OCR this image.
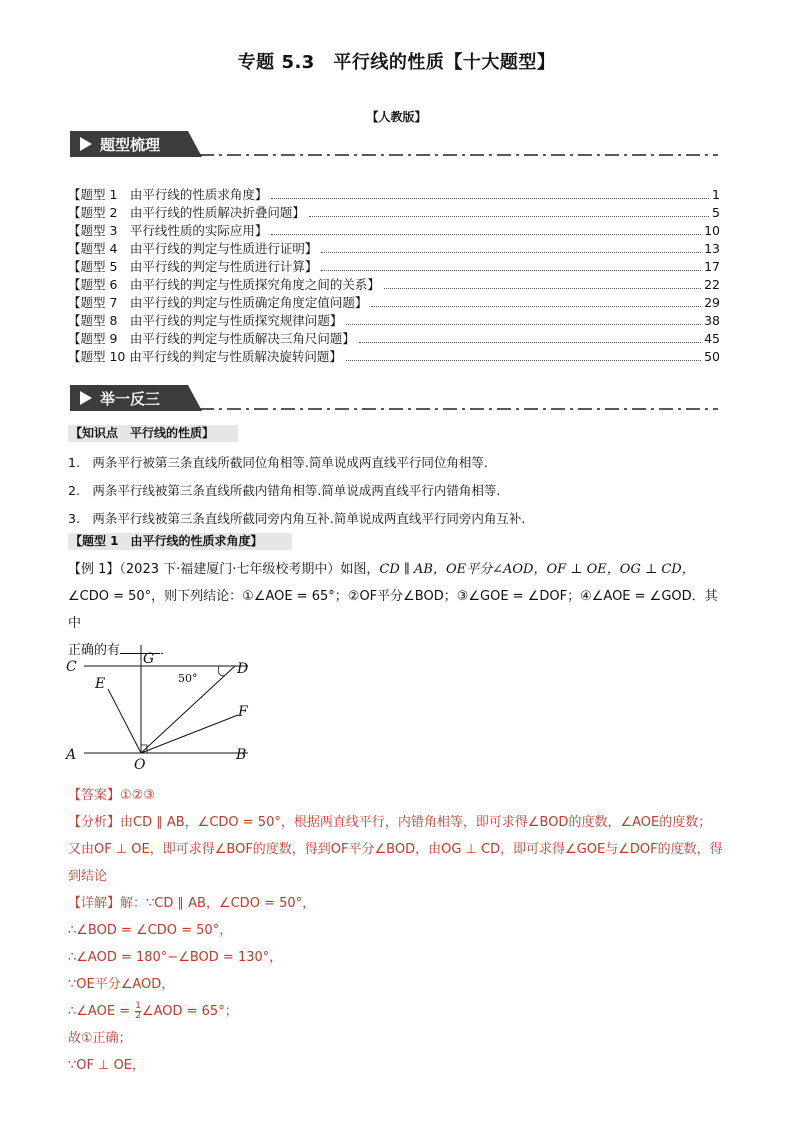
专题 5.3　平行线的性质【十大题型】
【人教版】
题型梳理
【题型 1　由平行线的性质求角度】	1
【题型 2　由平行线的性质解决折叠问题】	5
【题型 3　平行线性质的实际应用】	10
【题型 4　由平行线的判定与性质进行证明】	13
【题型 5　由平行线的判定与性质进行计算】	17
【题型 6　由平行线的判定与性质探究角度之间的关系】	22
【题型 7　由平行线的判定与性质确定角度定值问题】	29
【题型 8　由平行线的判定与性质探究规律问题】	38
【题型 9　由平行线的判定与性质解决三角尺问题】	45
【题型 10 由平行线的判定与性质解决旋转问题】	50
举一反三
【知识点　平行线的性质】
1.　两条平行被第三条直线所截同位角相等.简单说成两直线平行同位角相等.
2.　两条平行线被第三条直线所截内错角相等.简单说成两直线平行内错角相等.
3.　两条平行线被第三条直线所截同旁内角互补.简单说成两直线平行同旁内角互补.
【题型 1　由平行线的性质求角度】
【例 1】（2023 下·福建厦门·七年级校考期中）如图，CD ∥ AB，OE平分∠AOD，OF ⊥ OE，OG ⊥ CD，
∠CDO = 50°，则下列结论：①∠AOE = 65°；②OF平分∠BOD；③∠GOE = ∠DOF；④∠AOE = ∠GOD．其中
正确的有	．
C	G
D
E
F
A
O
B
50°
【答案】①②③
【分析】由CD ∥ AB，∠CDO = 50°，根据两直线平行，内错角相等，即可求得∠BOD的度数，∠AOE的度数；
又由OF ⊥ OE，即可求得∠BOF的度数，得到OF平分∠BOD，由OG ⊥ CD，即可求得∠GOE与∠DOF的度数，得
到结论
【详解】解：∵CD ∥ AB，∠CDO = 50°，
∴∠BOD = ∠CDO = 50°，
∴∠AOD = 180°−∠BOD = 130°，
∵OE平分∠AOD，
∴∠AOE = $\frac{1}{2}$ ∠AOD = 65°；
故①正确；
∵OF ⊥ OE，
